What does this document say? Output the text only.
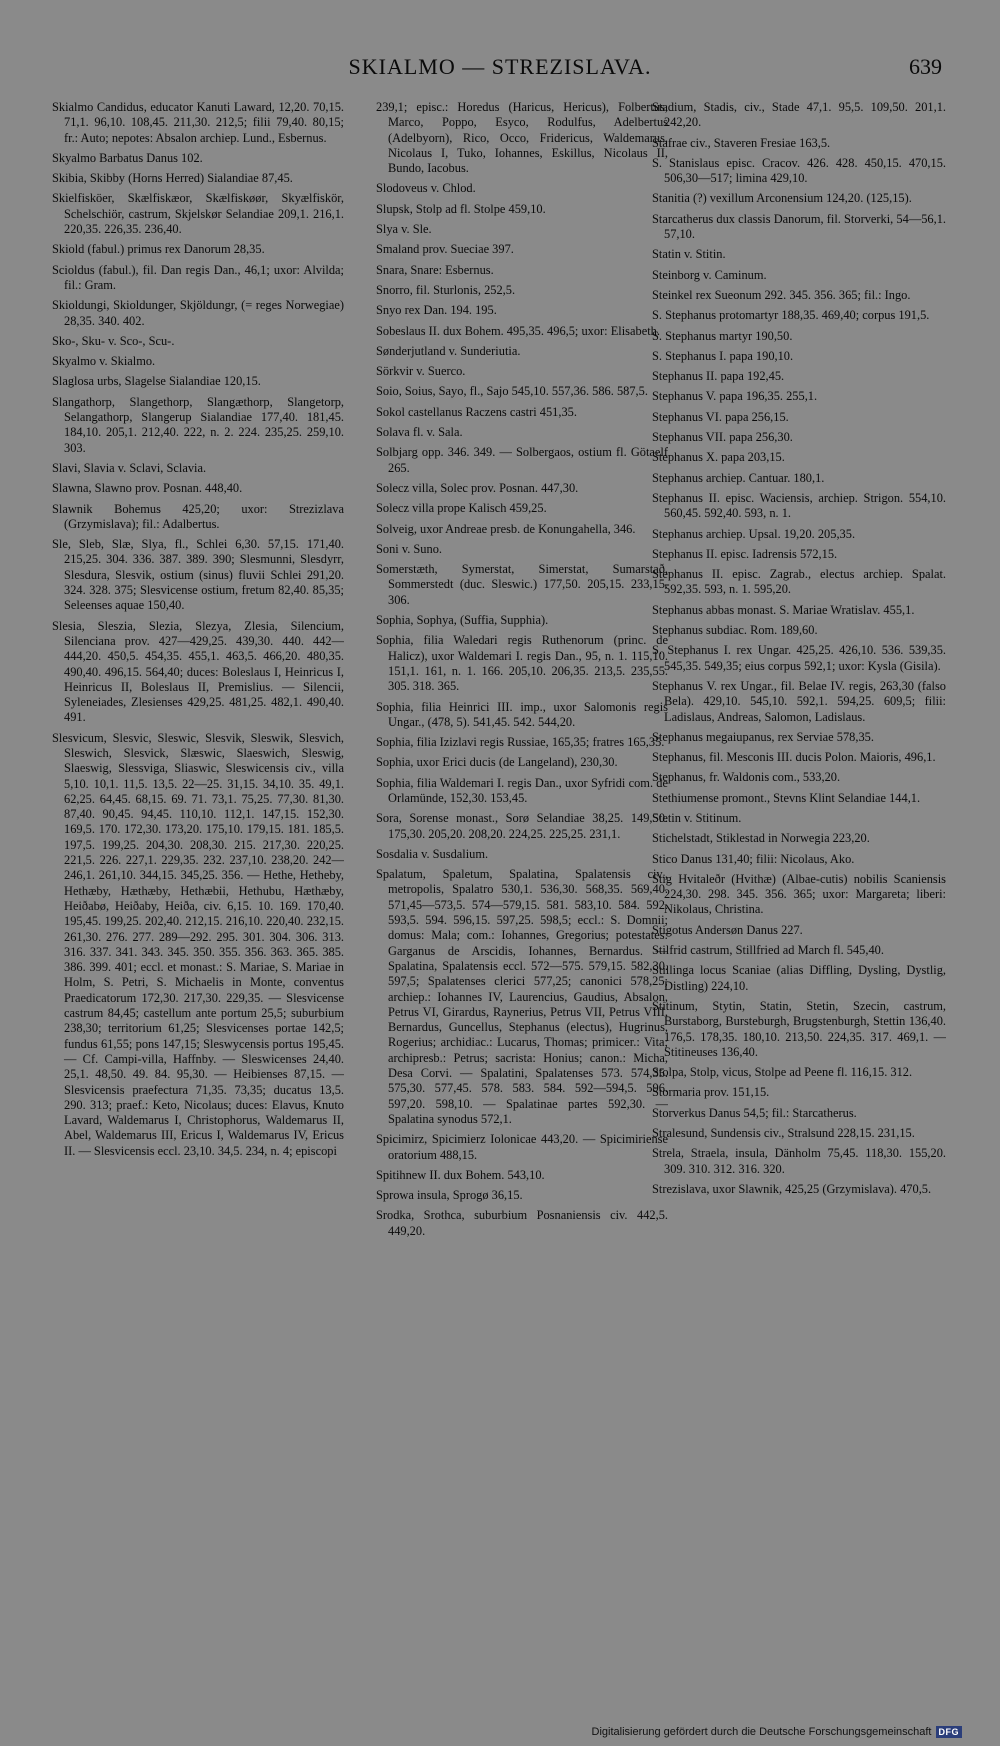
SKIALMO — STREZISLAVA.	639

Skialmo Candidus, educator Kanuti Laward, 12,20. 70,15. 71,1. 96,10. 108,45. 211,30. 212,5; filii 79,40. 80,15; fr.: Auto; nepotes: Absalon archiep. Lund., Esbernus.

Skyalmo Barbatus Danus 102.

Skibia, Skibby (Horns Herred) Sialandiae 87,45.

Skielfisköer, Skælfiskæor, Skælfiskøør, Skyælfiskör, Schelschiör, castrum, Skjelskør Selandiae 209,1. 216,1. 220,35. 226,35. 236,40.

Skiold (fabul.) primus rex Danorum 28,35.

Scioldus (fabul.), fil. Dan regis Dan., 46,1; uxor: Alvilda; fil.: Gram.

Skioldungi, Skioldunger, Skjöldungr, (= reges Norwegiae) 28,35. 340. 402.

Sko-, Sku- v. Sco-, Scu-.

Skyalmo v. Skialmo.

Slaglosa urbs, Slagelse Sialandiae 120,15.

Slangathorp, Slangethorp, Slangæthorp, Slangetorp, Selangathorp, Slangerup Sialandiae 177,40. 181,45. 184,10. 205,1. 212,40. 222, n. 2. 224. 235,25. 259,10. 303.

Slavi, Slavia v. Sclavi, Sclavia.

Slawna, Slawno prov. Posnan. 448,40.

Slawnik Bohemus 425,20; uxor: Strezizlava (Grzymislava); fil.: Adalbertus.

Sle, Sleb, Slæ, Slya, fl., Schlei 6,30. 57,15. 171,40. 215,25. 304. 336. 387. 389. 390; Slesmunni, Slesdyrr, Slesdura, Slesvik, ostium (sinus) fluvii Schlei 291,20. 324. 328. 375; Slesvicense ostium, fretum 82,40. 85,35; Seleenses aquae 150,40.

Slesia, Sleszia, Slezia, Slezya, Zlesia, Silencium, Silenciana prov. 427—429,25. 439,30. 440. 442—444,20. 450,5. 454,35. 455,1. 463,5. 466,20. 480,35. 490,40. 496,15. 564,40; duces: Boleslaus I, Heinricus I, Heinricus II, Boleslaus II, Premislius. — Silencii, Syleneiades, Zlesienses 429,25. 481,25. 482,1. 490,40. 491.

Slesvicum, Slesvic, Sleswic, Slesvik, Sleswik, Slesvich, Sleswich, Slesvick, Slæswic, Slaeswich, Sleswig, Slaeswig, Slessviga, Sliaswic, Sleswicensis civ., villa 5,10. 10,1. 11,5. 13,5. 22—25. 31,15. 34,10. 35. 49,1. 62,25. 64,45. 68,15. 69. 71. 73,1. 75,25. 77,30. 81,30. 87,40. 90,45. 94,45. 110,10. 112,1. 147,15. 152,30. 169,5. 170. 172,30. 173,20. 175,10. 179,15. 181. 185,5. 197,5. 199,25. 204,30. 208,30. 215. 217,30. 220,25. 221,5. 226. 227,1. 229,35. 232. 237,10. 238,20. 242—246,1. 261,10. 344,15. 345,25. 356. — Hethe, Hetheby, Hethæby, Hæthæby, Hethæbii, Hethubu, Hæthæby, Heiðabø, Heiðaby, Heiða, civ. 6,15. 10. 169. 170,40. 195,45. 199,25. 202,40. 212,15. 216,10. 220,40. 232,15. 261,30. 276. 277. 289—292. 295. 301. 304. 306. 313. 316. 337. 341. 343. 345. 350. 355. 356. 363. 365. 385. 386. 399. 401; eccl. et monast.: S. Mariae, S. Mariae in Holm, S. Petri, S. Michaelis in Monte, conventus Praedicatorum 172,30. 217,30. 229,35. — Slesvicense castrum 84,45; castellum ante portum 25,5; suburbium 238,30; territorium 61,25; Slesvicenses portae 142,5; fundus 61,55; pons 147,15; Sleswycensis portus 195,45. — Cf. Campi-villa, Haffnby. — Sleswicenses 24,40. 25,1. 48,50. 49. 84. 95,30. — Heibienses 87,15. — Slesvicensis praefectura 71,35. 73,35; ducatus 13,5. 290. 313; praef.: Keto, Nicolaus; duces: Elavus, Knuto Lavard, Waldemarus I, Christophorus, Waldemarus II, Abel, Waldemarus III, Ericus I, Waldemarus IV, Ericus II. — Slesvicensis eccl. 23,10. 34,5. 234, n. 4; episcopi

239,1; episc.: Horedus (Haricus, Hericus), Folbertus, Marco, Poppo, Esyco, Rodulfus, Adelbertus (Adelbyorn), Rico, Occo, Fridericus, Waldemarus, Nicolaus I, Tuko, Iohannes, Eskillus, Nicolaus II, Bundo, Iacobus.

Slodoveus v. Chlod.

Slupsk, Stolp ad fl. Stolpe 459,10.

Slya v. Sle.

Smaland prov. Sueciae 397.

Snara, Snare: Esbernus.

Snorro, fil. Sturlonis, 252,5.

Snyo rex Dan. 194. 195.

Sobeslaus II. dux Bohem. 495,35. 496,5; uxor: Elisabeth.

Sønderjutland v. Sunderiutia.

Sörkvir v. Suerco.

Soio, Soius, Sayo, fl., Sajo 545,10. 557,36. 586. 587,5.

Sokol castellanus Raczens castri 451,35.

Solava fl. v. Sala.

Solbjarg opp. 346. 349. — Solbergaos, ostium fl. Götaelf 265.

Solecz villa, Solec prov. Posnan. 447,30.

Solecz villa prope Kalisch 459,25.

Solveig, uxor Andreae presb. de Konungahella, 346.

Soni v. Suno.

Somerstæth, Symerstat, Simerstat, Sumarstað, Sommerstedt (duc. Sleswic.) 177,50. 205,15. 233,15. 306.

Sophia, Sophya, (Suffia, Supphia).

Sophia, filia Waledari regis Ruthenorum (princ. de Halicz), uxor Waldemari I. regis Dan., 95, n. 1. 115,10. 151,1. 161, n. 1. 166. 205,10. 206,35. 213,5. 235,55. 305. 318. 365.

Sophia, filia Heinrici III. imp., uxor Salomonis regis Ungar., (478, 5). 541,45. 542. 544,20.

Sophia, filia Izizlavi regis Russiae, 165,35; fratres 165,35.

Sophia, uxor Erici ducis (de Langeland), 230,30.

Sophia, filia Waldemari I. regis Dan., uxor Syfridi com. de Orlamünde, 152,30. 153,45.

Sora, Sorense monast., Sorø Selandiae 38,25. 149,50. 175,30. 205,20. 208,20. 224,25. 225,25. 231,1.

Sosdalia v. Susdalium.

Spalatum, Spaletum, Spalatina, Spalatensis civ., metropolis, Spalatro 530,1. 536,30. 568,35. 569,40. 571,45—573,5. 574—579,15. 581. 583,10. 584. 592. 593,5. 594. 596,15. 597,25. 598,5; eccl.: S. Domnii; domus: Mala; com.: Iohannes, Gregorius; potestates: Garganus de Arscidis, Iohannes, Bernardus. — Spalatina, Spalatensis eccl. 572—575. 579,15. 582,30. 597,5; Spalatenses clerici 577,25; canonici 578,25; archiep.: Iohannes IV, Laurencius, Gaudius, Absalon, Petrus VI, Girardus, Raynerius, Petrus VII, Petrus VIII, Bernardus, Guncellus, Stephanus (electus), Hugrinus, Rogerius; archidiac.: Lucarus, Thomas; primicer.: Vita; archipresb.: Petrus; sacrista: Honius; canon.: Micha, Desa Corvi. — Spalatini, Spalatenses 573. 574,35. 575,30. 577,45. 578. 583. 584. 592—594,5. 596. 597,20. 598,10. — Spalatinae partes 592,30. — Spalatina synodus 572,1.

Spicimirz, Spicimierz Iolonicae 443,20. — Spicimiriense oratorium 488,15.

Spitihnew II. dux Bohem. 543,10.

Sprowa insula, Sprogø 36,15.

Srodka, Srothca, suburbium Posnaniensis civ. 442,5. 449,20.

Stadium, Stadis, civ., Stade 47,1. 95,5. 109,50. 201,1. 242,20.

Stafrae civ., Staveren Fresiae 163,5.

S. Stanislaus episc. Cracov. 426. 428. 450,15. 470,15. 506,30—517; limina 429,10.

Stanitia (?) vexillum Arconensium 124,20. (125,15).

Starcatherus dux classis Danorum, fil. Storverki, 54—56,1. 57,10.

Statin v. Stitin.

Steinborg v. Caminum.

Steinkel rex Sueonum 292. 345. 356. 365; fil.: Ingo.

S. Stephanus protomartyr 188,35. 469,40; corpus 191,5.

S. Stephanus martyr 190,50.

S. Stephanus I. papa 190,10.

Stephanus II. papa 192,45.

Stephanus V. papa 196,35. 255,1.

Stephanus VI. papa 256,15.

Stephanus VII. papa 256,30.

Stephanus X. papa 203,15.

Stephanus archiep. Cantuar. 180,1.

Stephanus II. episc. Waciensis, archiep. Strigon. 554,10. 560,45. 592,40. 593, n. 1.

Stephanus archiep. Upsal. 19,20. 205,35.

Stephanus II. episc. Iadrensis 572,15.

Stephanus II. episc. Zagrab., electus archiep. Spalat. 592,35. 593, n. 1. 595,20.

Stephanus abbas monast. S. Mariae Wratislav. 455,1.

Stephanus subdiac. Rom. 189,60.

S. Stephanus I. rex Ungar. 425,25. 426,10. 536. 539,35. 545,35. 549,35; eius corpus 592,1; uxor: Kysla (Gisila).

Stephanus V. rex Ungar., fil. Belae IV. regis, 263,30 (falso Bela). 429,10. 545,10. 592,1. 594,25. 609,5; filii: Ladislaus, Andreas, Salomon, Ladislaus.

Stephanus megaiupanus, rex Serviae 578,35.

Stephanus, fil. Mesconis III. ducis Polon. Maioris, 496,1.

Stephanus, fr. Waldonis com., 533,20.

Stethiumense promont., Stevns Klint Selandiae 144,1.

Stetin v. Stitinum.

Stichelstadt, Stiklestad in Norwegia 223,20.

Stico Danus 131,40; filii: Nicolaus, Ako.

Stig Hvitaleðr (Hvithæ) (Albae-cutis) nobilis Scaniensis 224,30. 298. 345. 356. 365; uxor: Margareta; liberi: Nikolaus, Christina.

Stigotus Andersøn Danus 227.

Stilfrid castrum, Stillfried ad March fl. 545,40.

Stillinga locus Scaniae (alias Diffling, Dysling, Dystlig, Distling) 224,10.

Stitinum, Stytin, Statin, Stetin, Szecin, castrum, Burstaborg, Bursteburgh, Brugstenburgh, Stettin 136,40. 176,5. 178,35. 180,10. 213,50. 224,35. 317. 469,1. — Stitineuses 136,40.

Stolpa, Stolp, vicus, Stolpe ad Peene fl. 116,15. 312.

Stormaria prov. 151,15.

Storverkus Danus 54,5; fil.: Starcatherus.

Stralesund, Sundensis civ., Stralsund 228,15. 231,15.

Strela, Straela, insula, Dänholm 75,45. 118,30. 155,20. 309. 310. 312. 316. 320.

Strezislava, uxor Slawnik, 425,25 (Grzymislava). 470,5.

Digitalisierung gefördert durch die Deutsche Forschungsgemeinschaft DFG
